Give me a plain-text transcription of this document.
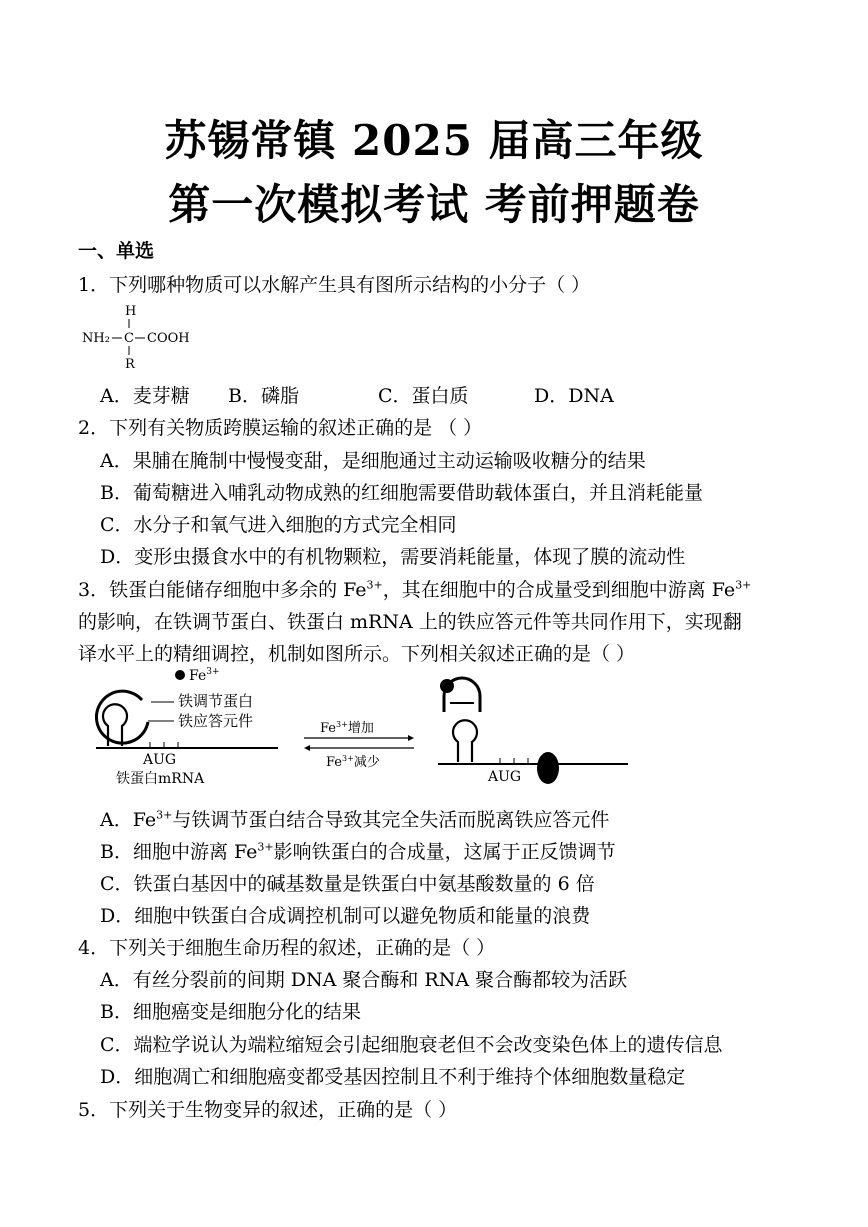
苏锡常镇 2025 届高三年级
第一次模拟考试 考前押题卷
一、单选
1．下列哪种物质可以水解产生具有图所示结构的小分子（ ）
H
NH₂ C COOH
R
A．麦芽糖 B．磷脂	C．蛋白质	D．DNA
2．下列有关物质跨膜运输的叙述正确的是 （ ）
A．果脯在腌制中慢慢变甜，是细胞通过主动运输吸收糖分的结果
B．葡萄糖进入哺乳动物成熟的红细胞需要借助载体蛋白，并且消耗能量
C．水分子和氧气进入细胞的方式完全相同
D．变形虫摄食水中的有机物颗粒，需要消耗能量，体现了膜的流动性
3．铁蛋白能储存细胞中多余的 $Fe^{3+}$，其在细胞中的合成量受到细胞中游离 $Fe^{3+}$
的影响，在铁调节蛋白、铁蛋白 mRNA 上的铁应答元件等共同作用下，实现翻
译水平上的精细调控，机制如图所示。下列相关叙述正确的是（ ）
$Fe^{3+}$
AUG
铁蛋白mRNA
铁调节蛋白
铁应答元件	$Fe^{3+}$增加
$Fe^{3+}$减少
AUG
A．$Fe^{3+}$与铁调节蛋白结合导致其完全失活而脱离铁应答元件
B．细胞中游离 $Fe^{3+}$影响铁蛋白的合成量，这属于正反馈调节
C．铁蛋白基因中的碱基数量是铁蛋白中氨基酸数量的 6 倍
D．细胞中铁蛋白合成调控机制可以避免物质和能量的浪费
4．下列关于细胞生命历程的叙述，正确的是（ ）
A．有丝分裂前的间期 DNA 聚合酶和 RNA 聚合酶都较为活跃
B．细胞癌变是细胞分化的结果
C．端粒学说认为端粒缩短会引起细胞衰老但不会改变染色体上的遗传信息
D．细胞凋亡和细胞癌变都受基因控制且不利于维持个体细胞数量稳定
5．下列关于生物变异的叙述，正确的是（ ）
